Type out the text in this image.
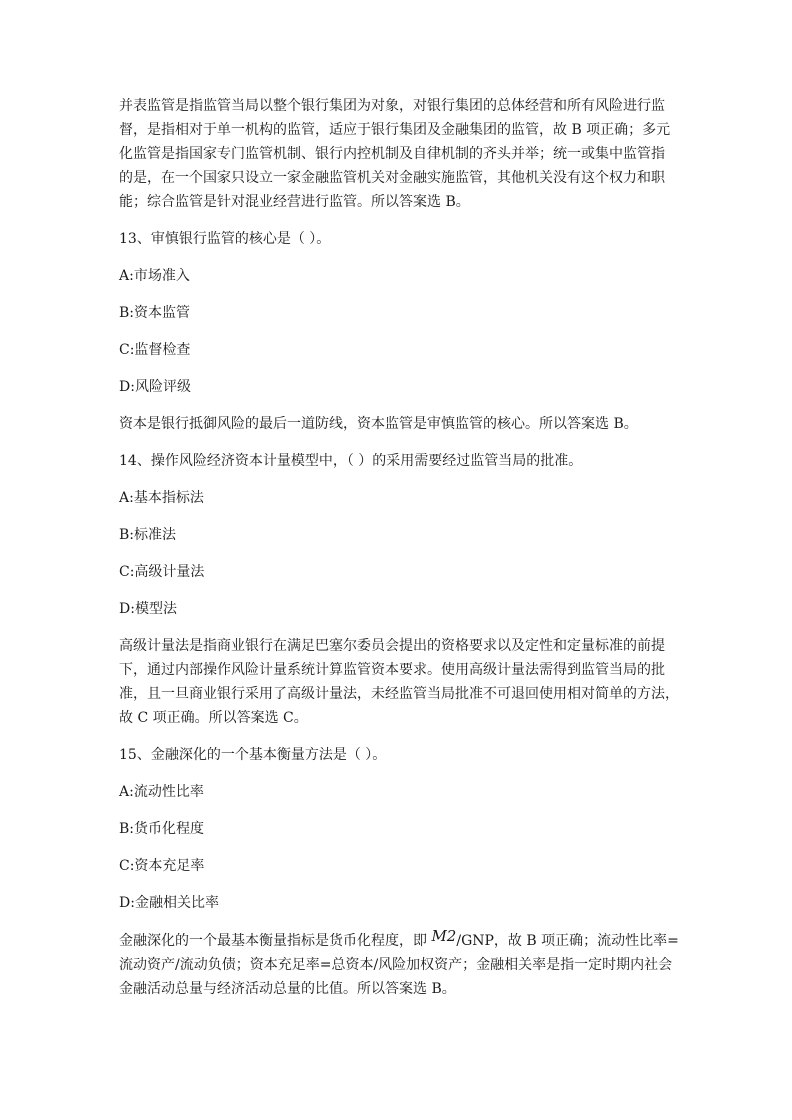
并表监管是指监管当局以整个银行集团为对象，对银行集团的总体经营和所有风险进行监
督，是指相对于单一机构的监管，适应于银行集团及金融集团的监管，故 B 项正确；多元
化监管是指国家专门监管机制、银行内控机制及自律机制的齐头并举；统一或集中监管指
的是，在一个国家只设立一家金融监管机关对金融实施监管，其他机关没有这个权力和职
能；综合监管是针对混业经营进行监管。所以答案选 B。
13、审慎银行监管的核心是（ ）。
A:市场准入
B:资本监管
C:监督检查
D:风险评级
资本是银行抵御风险的最后一道防线，资本监管是审慎监管的核心。所以答案选 B。
14、操作风险经济资本计量模型中，（ ）的采用需要经过监管当局的批准。
A:基本指标法
B:标准法
C:高级计量法
D:模型法
高级计量法是指商业银行在满足巴塞尔委员会提出的资格要求以及定性和定量标准的前提
下，通过内部操作风险计量系统计算监管资本要求。使用高级计量法需得到监管当局的批
准，且一旦商业银行采用了高级计量法，未经监管当局批准不可退回使用相对简单的方法，
故 C 项正确。所以答案选 C。
15、金融深化的一个基本衡量方法是（ ）。
A:流动性比率
B:货币化程度
C:资本充足率
D:金融相关比率
金融深化的一个最基本衡量指标是货币化程度，即 M2/GNP，故 B 项正确；流动性比率=
流动资产/流动负债；资本充足率=总资本/风险加权资产；金融相关率是指一定时期内社会
金融活动总量与经济活动总量的比值。所以答案选 B。
